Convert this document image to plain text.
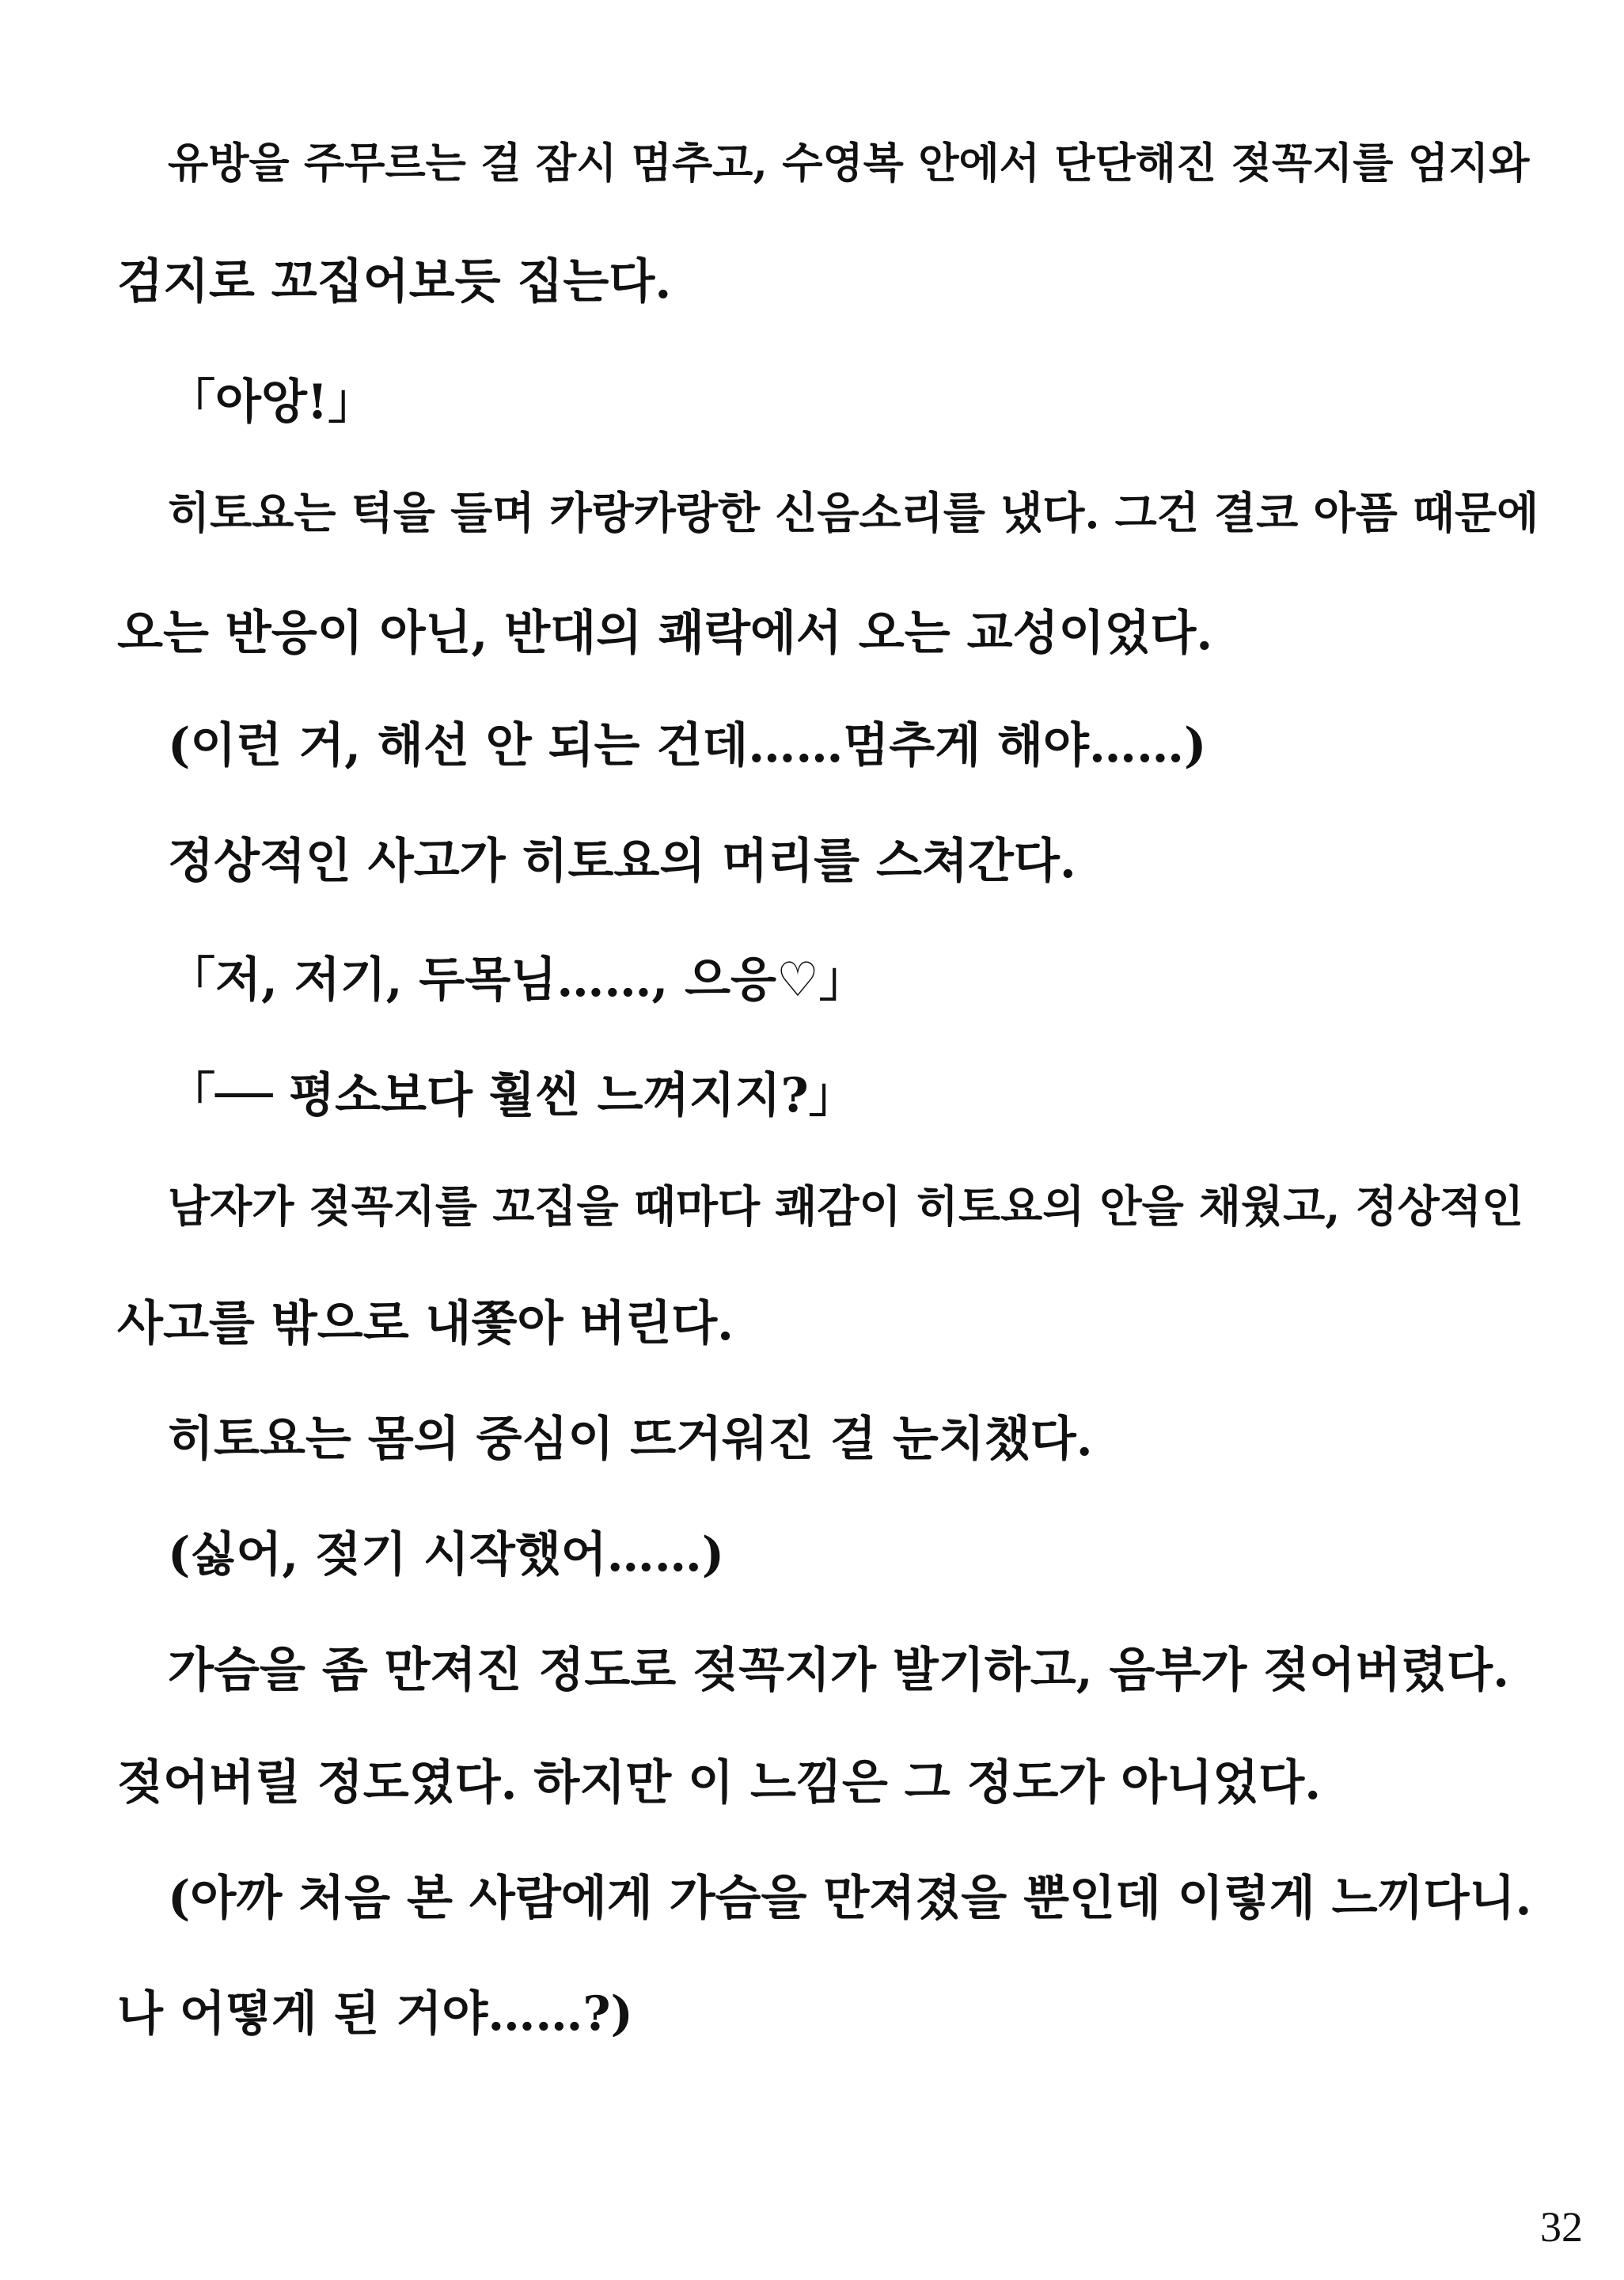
유방을 주무르는 걸 잠시 멈추고, 수영복 안에서 단단해진 젖꼭지를 엄지와
검지로 꼬집어보듯 집는다.
「아앙!」
히토요는 턱을 들며 카랑카랑한 신음소리를 냈다. 그건 결코 아픔 때문에
오는 반응이 아닌, 반대의 쾌락에서 오는 교성이었다.
(이런 거, 해선 안 되는 건데……멈추게 해야……)
정상적인 사고가 히토요의 머리를 스쳐간다.
「저, 저기, 두목님……, 으응♡」
「── 평소보다 훨씬 느껴지지?」
남자가 젖꼭지를 꼬집을 때마다 쾌감이 히토요의 안을 채웠고, 정상적인
사고를 밖으로 내쫓아 버린다.
히토요는 몸의 중심이 뜨거워진 걸 눈치챘다.
(싫어, 젖기 시작했어……)
가슴을 좀 만져진 정도로 젖꼭지가 발기하고, 음부가 젖어버렸다.
젖어버릴 정도였다. 하지만 이 느낌은 그 정도가 아니었다.
(아까 처음 본 사람에게 가슴을 만져졌을 뿐인데 이렇게 느끼다니.
나 어떻게 된 거야……?)
32
